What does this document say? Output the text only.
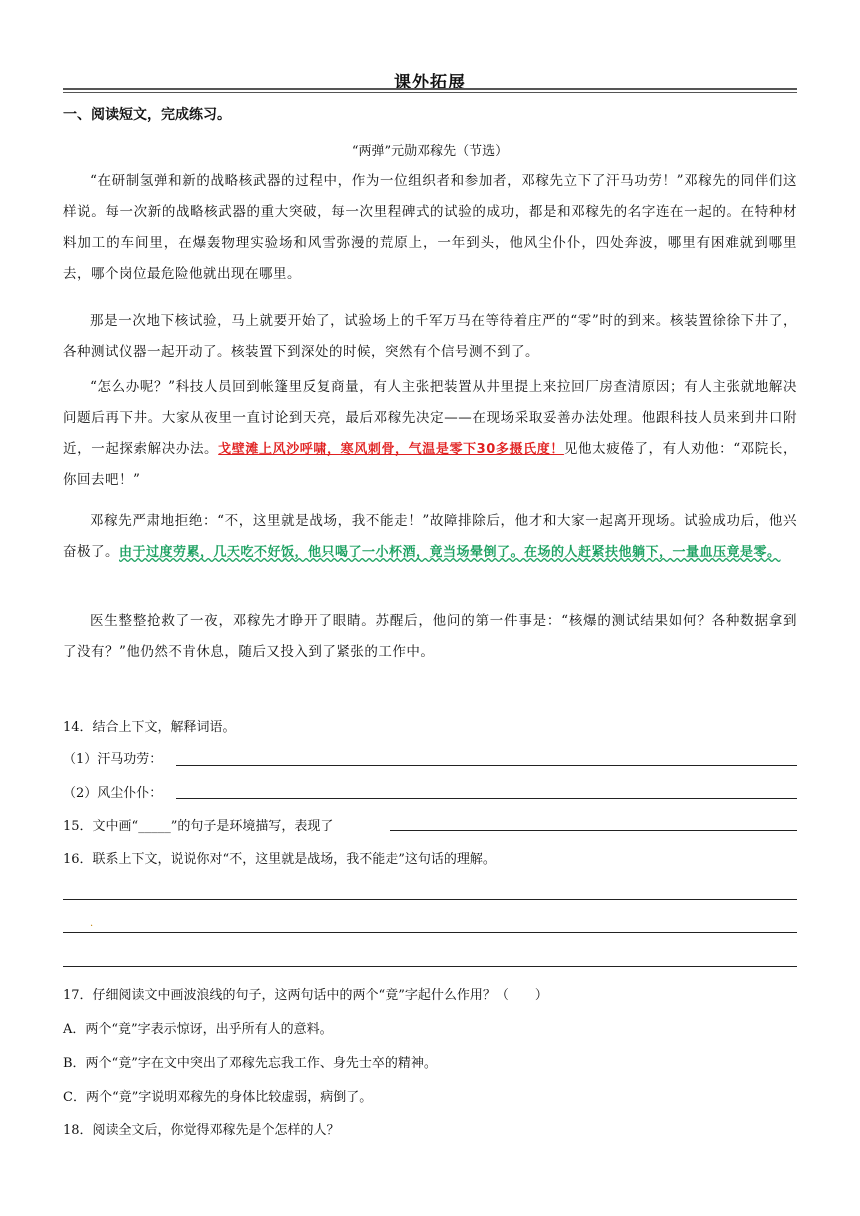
课外拓展
一、阅读短文，完成练习。
“两弹”元勋邓稼先（节选）

“在研制氢弹和新的战略核武器的过程中，作为一位组织者和参加者，邓稼先立下了汗马功劳！”邓稼先的同伴们这样说。每一次新的战略核武器的重大突破，每一次里程碑式的试验的成功，都是和邓稼先的名字连在一起的。在特种材料加工的车间里，在爆轰物理实验场和风雪弥漫的荒原上，一年到头，他风尘仆仆，四处奔波，哪里有困难就到哪里去，哪个岗位最危险他就出现在哪里。

那是一次地下核试验，马上就要开始了，试验场上的千军万马在等待着庄严的“零”时的到来。核装置徐徐下井了，各种测试仪器一起开动了。核装置下到深处的时候，突然有个信号测不到了。

“怎么办呢？”科技人员回到帐篷里反复商量，有人主张把装置从井里提上来拉回厂房查清原因；有人主张就地解决问题后再下井。大家从夜里一直讨论到天亮，最后邓稼先决定——在现场采取妥善办法处理。他跟科技人员来到井口附近，一起探索解决办法。戈壁滩上风沙呼啸，寒风刺骨，气温是零下30多摄氏度！见他太疲倦了，有人劝他：“邓院长，你回去吧！”

邓稼先严肃地拒绝：“不，这里就是战场，我不能走！”故障排除后，他才和大家一起离开现场。试验成功后，他兴奋极了。由于过度劳累，几天吃不好饭，他只喝了一小杯酒，竟当场晕倒了。在场的人赶紧扶他躺下，一量血压竟是零。

医生整整抢救了一夜，邓稼先才睁开了眼睛。苏醒后，他问的第一件事是：“核爆的测试结果如何？各种数据拿到了没有？”他仍然不肯休息，随后又投入到了紧张的工作中。

14．结合上下文，解释词语。
（1）汗马功劳：
（2）风尘仆仆：
15．文中画“_____”的句子是环境描写，表现了
16．联系上下文，说说你对“不，这里就是战场，我不能走”这句话的理解。
.
17．仔细阅读文中画波浪线的句子，这两句话中的两个“竟”字起什么作用？（　　）
A．两个“竟”字表示惊讶，出乎所有人的意料。
B．两个“竟”字在文中突出了邓稼先忘我工作、身先士卒的精神。
C．两个“竟”字说明邓稼先的身体比较虚弱，病倒了。
18．阅读全文后，你觉得邓稼先是个怎样的人？
